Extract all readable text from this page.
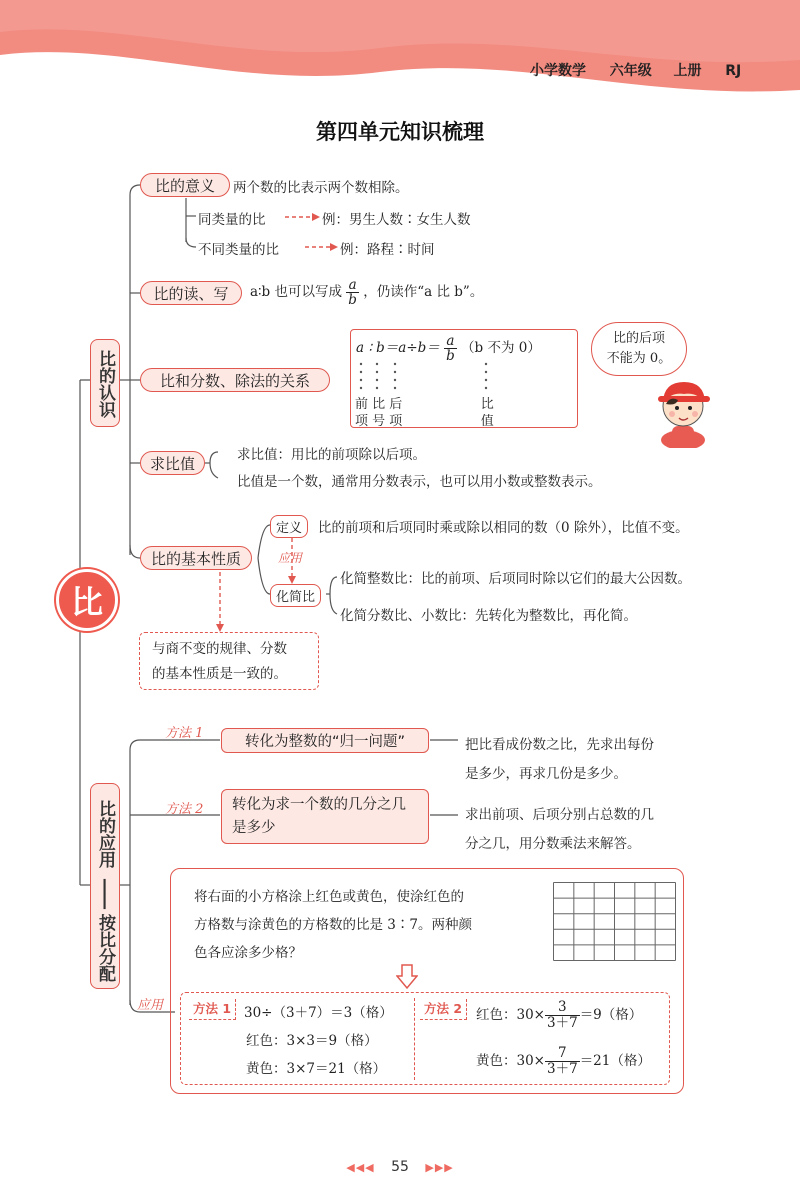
小学数学 六年级 上册 RJ
第四单元知识梳理
比
比的认识
比的意义	两个数的比表示两个数相除。
同类量的比	例：男生人数∶女生人数
不同类量的比	例：路程∶时间
比的读、写	a∶b 也可以写成 $\frac{a}{b}$ ，仍读作“a 比 b”。
比和分数、除法的关系
a ∶ $b=a\div b= \frac{a}{b} (b$ 不为 0）
前 比 后                   比
项 号 项                   值
比的后项
不能为 0。
求比值	求比值：用比的前项除以后项。
比值是一个数，通常用分数表示，也可以用小数或整数表示。
比的基本性质
定义	比的前项和后项同时乘或除以相同的数（0 除外），比值不变。
应用
化简比
化简整数比：比的前项、后项同时除以它们的最大公因数。
化简分数比、小数比：先转化为整数比，再化简。
与商不变的规律、分数
的基本性质是一致的。
比的应用
——
按比分配
方法 1
转化为整数的“归一问题”	把比看成份数之比，先求出每份
是多少，再求几份是多少。
方法 2 转化为求一个数的几分之几
是多少
求出前项、后项分别占总数的几
分之几，用分数乘法来解答。
应用
将右面的小方格涂上红色或黄色，使涂红色的
方格数与涂黄色的方格数的比是 3∶7。两种颜
色各应涂多少格？
方法 1 30÷（3＋7）＝3（格）
红色：3×3＝9（格）
黄色：3×7＝21（格）
方法 2	红色：$30\times \frac{3}{3+7} =9$（格）
黄色：$30\times \frac{7}{3+7} =21$（格）
◀◀◀ 55 ▶▶▶
